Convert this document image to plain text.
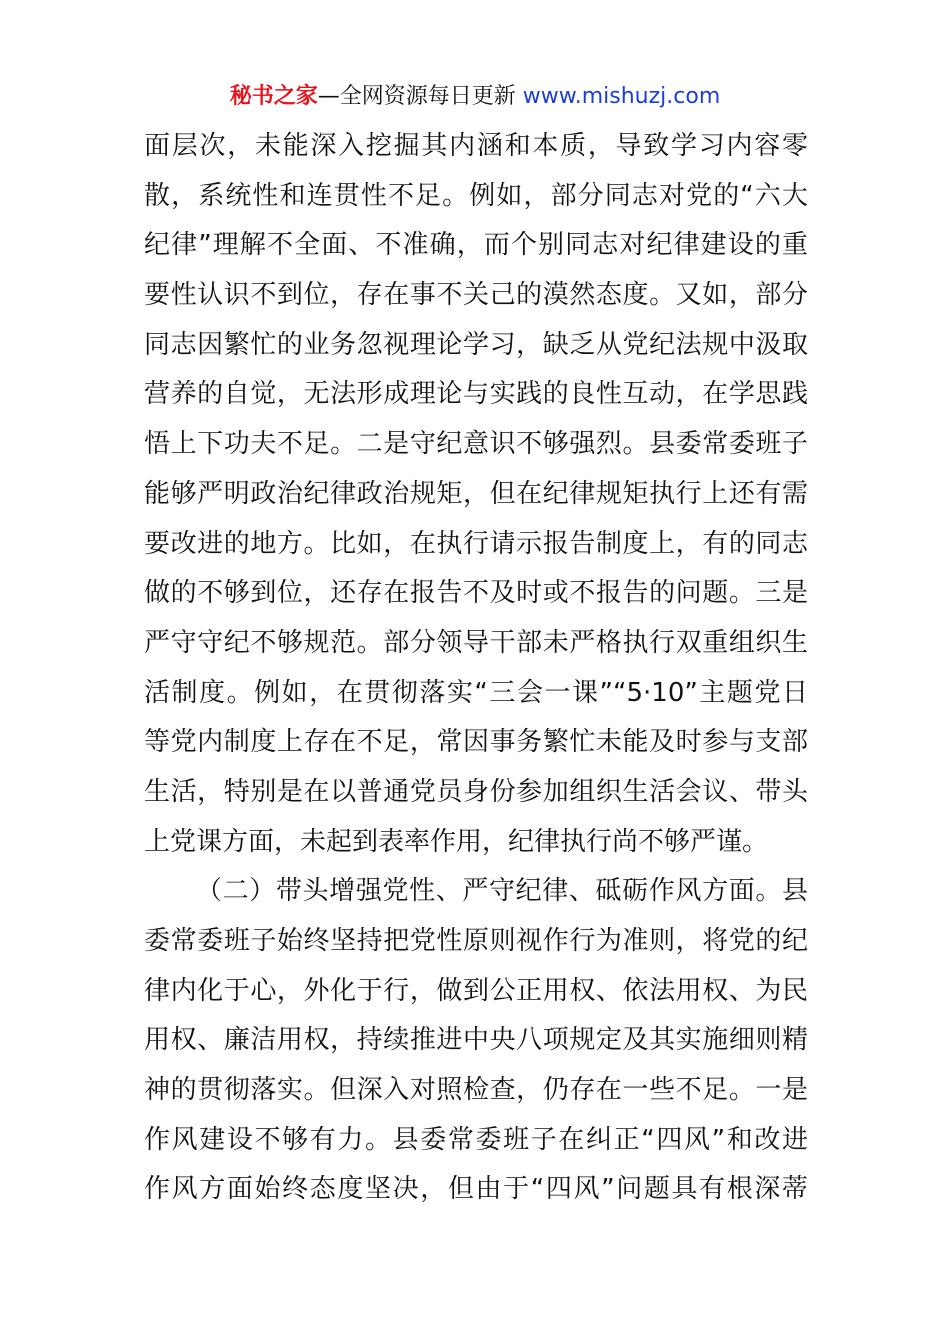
秘书之家—全网资源每日更新 www.mishuzj.com
面层次，未能深入挖掘其内涵和本质，导致学习内容零
散，系统性和连贯性不足。例如，部分同志对党的“六大
纪律”理解不全面、不准确，而个别同志对纪律建设的重
要性认识不到位，存在事不关己的漠然态度。又如，部分
同志因繁忙的业务忽视理论学习，缺乏从党纪法规中汲取
营养的自觉，无法形成理论与实践的良性互动，在学思践
悟上下功夫不足。二是守纪意识不够强烈。县委常委班子
能够严明政治纪律政治规矩，但在纪律规矩执行上还有需
要改进的地方。比如，在执行请示报告制度上，有的同志
做的不够到位，还存在报告不及时或不报告的问题。三是
严守守纪不够规范。部分领导干部未严格执行双重组织生
活制度。例如，在贯彻落实“三会一课”“5·10”主题党日
等党内制度上存在不足，常因事务繁忙未能及时参与支部
生活，特别是在以普通党员身份参加组织生活会议、带头
上党课方面，未起到表率作用，纪律执行尚不够严谨。
（二）带头增强党性、严守纪律、砥砺作风方面。县
委常委班子始终坚持把党性原则视作行为准则，将党的纪
律内化于心，外化于行，做到公正用权、依法用权、为民
用权、廉洁用权，持续推进中央八项规定及其实施细则精
神的贯彻落实。但深入对照检查，仍存在一些不足。一是
作风建设不够有力。县委常委班子在纠正“四风”和改进
作风方面始终态度坚决，但由于“四风”问题具有根深蒂
